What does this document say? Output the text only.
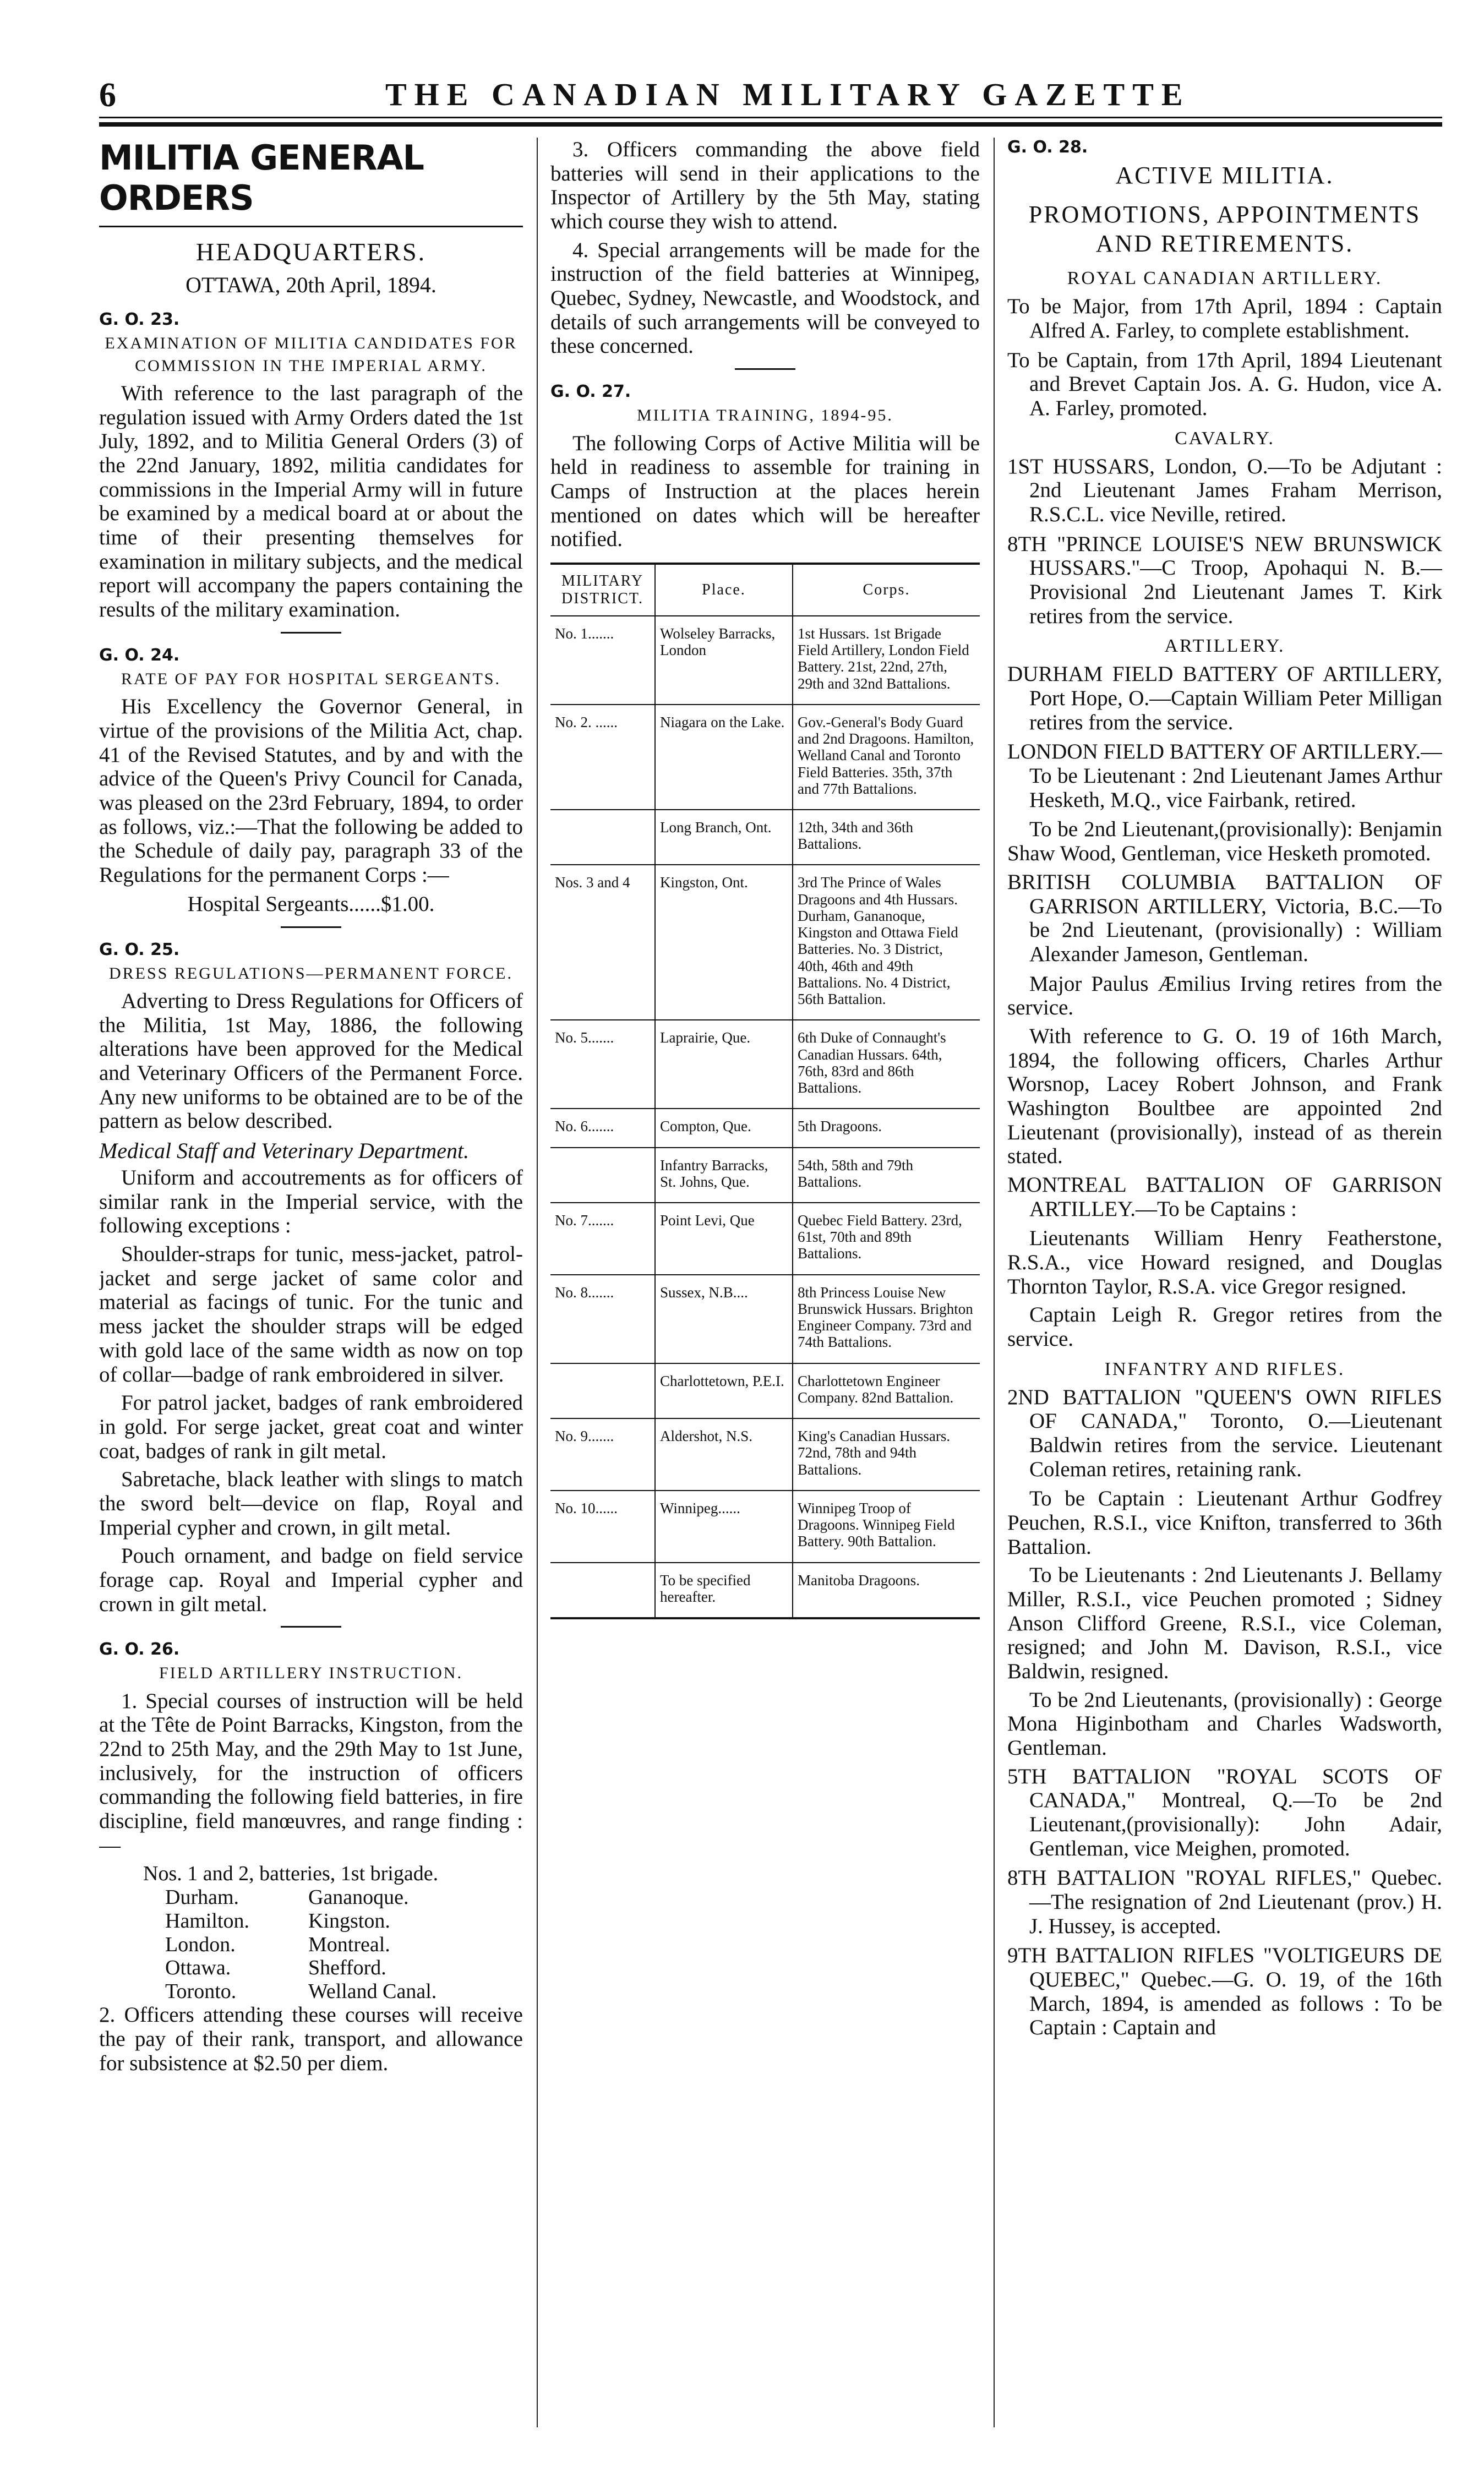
6	THE CANADIAN MILITARY GAZETTE
MILITIA GENERAL ORDERS
HEADQUARTERS.
OTTAWA, 20th April, 1894.
G. O. 23.
EXAMINATION OF MILITIA CANDIDATES FOR COMMISSION IN THE IMPERIAL ARMY.

With reference to the last paragraph of the regulation issued with Army Orders dated the 1st July, 1892, and to Militia General Orders (3) of the 22nd January, 1892, militia candidates for commissions in the Imperial Army will in future be examined by a medical board at or about the time of their presenting themselves for examination in military subjects, and the medical report will accompany the papers containing the results of the military examination.

G. O. 24.
RATE OF PAY FOR HOSPITAL SERGEANTS.

His Excellency the Governor General, in virtue of the provisions of the Militia Act, chap. 41 of the Revised Statutes, and by and with the advice of the Queen's Privy Council for Canada, was pleased on the 23rd February, 1894, to order as follows, viz.:—That the following be added to the Schedule of daily pay, paragraph 33 of the Regulations for the permanent Corps :—

Hospital Sergeants......$1.00.
G. O. 25.
DRESS REGULATIONS—PERMANENT FORCE.

Adverting to Dress Regulations for Officers of the Militia, 1st May, 1886, the following alterations have been approved for the Medical and Veterinary Officers of the Permanent Force. Any new uniforms to be obtained are to be of the pattern as below described.

Medical Staff and Veterinary Department.

Uniform and accoutrements as for officers of similar rank in the Imperial service, with the following exceptions :

Shoulder-straps for tunic, mess-jacket, patrol-jacket and serge jacket of same color and material as facings of tunic. For the tunic and mess jacket the shoulder straps will be edged with gold lace of the same width as now on top of collar—badge of rank embroidered in silver.

For patrol jacket, badges of rank embroidered in gold. For serge jacket, great coat and winter coat, badges of rank in gilt metal.

Sabretache, black leather with slings to match the sword belt—device on flap, Royal and Imperial cypher and crown, in gilt metal.

Pouch ornament, and badge on field service forage cap. Royal and Imperial cypher and crown in gilt metal.

G. O. 26.
FIELD ARTILLERY INSTRUCTION.

1. Special courses of instruction will be held at the Tête de Point Barracks, Kingston, from the 22nd to 25th May, and the 29th May to 1st June, inclusively, for the instruction of officers commanding the following field batteries, in fire discipline, field manœuvres, and range finding :—

Nos. 1 and 2, batteries, 1st brigade.
Durham.	Gananoque.
Hamilton.	Kingston.
London.	Montreal.
Ottawa.	Shefford.
Toronto.	Welland Canal.

2. Officers attending these courses will receive the pay of their rank, transport, and allowance for subsistence at $2.50 per diem.

3. Officers commanding the above field batteries will send in their applications to the Inspector of Artillery by the 5th May, stating which course they wish to attend.

4. Special arrangements will be made for the instruction of the field batteries at Winnipeg, Quebec, Sydney, Newcastle, and Woodstock, and details of such arrangements will be conveyed to these concerned.

G. O. 27.
MILITIA TRAINING, 1894-95.

The following Corps of Active Militia will be held in readiness to assemble for training in Camps of Instruction at the places herein mentioned on dates which will be hereafter notified.

MILITARY DISTRICT.	Place.	Corps.
No. 1.......	Wolseley Barracks, London	1st Hussars. 1st Brigade Field Artillery, London Field Battery. 21st, 22nd, 27th, 29th and 32nd Battalions.
No. 2. ......	Niagara on the Lake.	Gov.-General's Body Guard and 2nd Dragoons. Hamilton, Welland Canal and Toronto Field Batteries. 35th, 37th and 77th Battalions.
	Long Branch, Ont.	12th, 34th and 36th Battalions.
Nos. 3 and 4	Kingston, Ont.	3rd The Prince of Wales Dragoons and 4th Hussars. Durham, Gananoque, Kingston and Ottawa Field Batteries. No. 3 District, 40th, 46th and 49th Battalions. No. 4 District, 56th Battalion.
No. 5.......	Laprairie, Que.	6th Duke of Connaught's Canadian Hussars. 64th, 76th, 83rd and 86th Battalions.
No. 6.......	Compton, Que.	5th Dragoons.
	Infantry Barracks, St. Johns, Que.	54th, 58th and 79th Battalions.
No. 7.......	Point Levi, Que	Quebec Field Battery. 23rd, 61st, 70th and 89th Battalions.
No. 8.......	Sussex, N.B....	8th Princess Louise New Brunswick Hussars. Brighton Engineer Company. 73rd and 74th Battalions.
	Charlottetown, P.E.I.	Charlottetown Engineer Company. 82nd Battalion.
No. 9.......	Aldershot, N.S.	King's Canadian Hussars. 72nd, 78th and 94th Battalions.
No. 10......	Winnipeg......	Winnipeg Troop of Dragoons. Winnipeg Field Battery. 90th Battalion.
	To be specified hereafter.	Manitoba Dragoons.
G. O. 28.
ACTIVE MILITIA.
PROMOTIONS, APPOINTMENTS AND RETIREMENTS.
ROYAL CANADIAN ARTILLERY.

To be Major, from 17th April, 1894 : Captain Alfred A. Farley, to complete establishment.

To be Captain, from 17th April, 1894 Lieutenant and Brevet Captain Jos. A. G. Hudon, vice A. A. Farley, promoted.

CAVALRY.

1ST HUSSARS, London, O.—To be Adjutant : 2nd Lieutenant James Fraham Merrison, R.S.C.L. vice Neville, retired.

8TH "PRINCE LOUISE'S NEW BRUNSWICK HUSSARS."—C Troop, Apohaqui N. B.—Provisional 2nd Lieutenant James T. Kirk retires from the service.

ARTILLERY.

DURHAM FIELD BATTERY OF ARTILLERY, Port Hope, O.—Captain William Peter Milligan retires from the service.

LONDON FIELD BATTERY OF ARTILLERY.—To be Lieutenant : 2nd Lieutenant James Arthur Hesketh, M.Q., vice Fairbank, retired.

To be 2nd Lieutenant,(provisionally): Benjamin Shaw Wood, Gentleman, vice Hesketh promoted.

BRITISH COLUMBIA BATTALION OF GARRISON ARTILLERY, Victoria, B.C.—To be 2nd Lieutenant, (provisionally) : William Alexander Jameson, Gentleman.

Major Paulus Æmilius Irving retires from the service.

With reference to G. O. 19 of 16th March, 1894, the following officers, Charles Arthur Worsnop, Lacey Robert Johnson, and Frank Washington Boultbee are appointed 2nd Lieutenant (provisionally), instead of as therein stated.

MONTREAL BATTALION OF GARRISON ARTILLEY.—To be Captains :

Lieutenants William Henry Featherstone, R.S.A., vice Howard resigned, and Douglas Thornton Taylor, R.S.A. vice Gregor resigned.

Captain Leigh R. Gregor retires from the service.

INFANTRY AND RIFLES.

2ND BATTALION "QUEEN'S OWN RIFLES OF CANADA," Toronto, O.—Lieutenant Baldwin retires from the service. Lieutenant Coleman retires, retaining rank.

To be Captain : Lieutenant Arthur Godfrey Peuchen, R.S.I., vice Knifton, transferred to 36th Battalion.

To be Lieutenants : 2nd Lieutenants J. Bellamy Miller, R.S.I., vice Peuchen promoted ; Sidney Anson Clifford Greene, R.S.I., vice Coleman, resigned; and John M. Davison, R.S.I., vice Baldwin, resigned.

To be 2nd Lieutenants, (provisionally) : George Mona Higinbotham and Charles Wadsworth, Gentleman.

5TH BATTALION "ROYAL SCOTS OF CANADA," Montreal, Q.—To be 2nd Lieutenant,(provisionally): John Adair, Gentleman, vice Meighen, promoted.

8TH BATTALION "ROYAL RIFLES," Quebec.—The resignation of 2nd Lieutenant (prov.) H. J. Hussey, is accepted.

9TH BATTALION RIFLES "VOLTIGEURS DE QUEBEC," Quebec.—G. O. 19, of the 16th March, 1894, is amended as follows : To be Captain : Captain and
